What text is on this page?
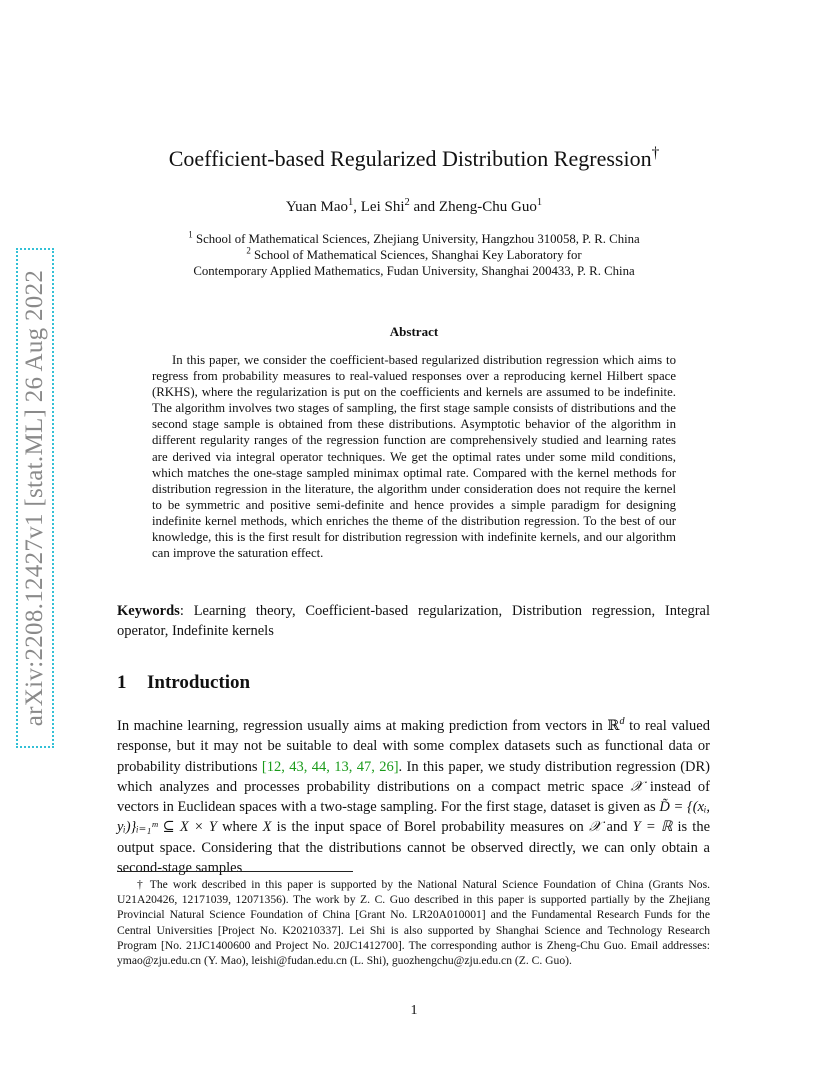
arXiv:2208.12427v1 [stat.ML] 26 Aug 2022
Coefficient-based Regularized Distribution Regression†
Yuan Mao$^1$, Lei Shi$^2$ and Zheng-Chu Guo$^1$
$^1$ School of Mathematical Sciences, Zhejiang University, Hangzhou 310058, P. R. China
$^2$ School of Mathematical Sciences, Shanghai Key Laboratory for
Contemporary Applied Mathematics, Fudan University, Shanghai 200433, P. R. China
Abstract

In this paper, we consider the coefficient-based regularized distribution regression which aims to regress from probability measures to real-valued responses over a reproducing kernel Hilbert space (RKHS), where the regularization is put on the coefficients and kernels are assumed to be indefinite. The algorithm involves two stages of sampling, the first stage sample consists of distributions and the second stage sample is obtained from these distributions. Asymptotic behavior of the algorithm in different regularity ranges of the regression function are comprehensively studied and learning rates are derived via integral operator techniques. We get the optimal rates under some mild conditions, which matches the one-stage sampled minimax optimal rate. Compared with the kernel methods for distribution regression in the literature, the algorithm under consideration does not require the kernel to be symmetric and positive semi-definite and hence provides a simple paradigm for designing indefinite kernel methods, which enriches the theme of the distribution regression. To the best of our knowledge, this is the first result for distribution regression with indefinite kernels, and our algorithm can improve the saturation effect.

Keywords: Learning theory, Coefficient-based regularization, Distribution regression, Integral operator, Indefinite kernels
1 Introduction

In machine learning, regression usually aims at making prediction from vectors in ℝ$^d$ to real valued response, but it may not be suitable to deal with some complex datasets such as functional data or probability distributions [12, 43, 44, 13, 47, 26]. In this paper, we study distribution regression (DR) which analyzes and processes probability distributions on a compact metric space 𝒳 instead of vectors in Euclidean spaces with a two-stage sampling. For the first stage, dataset is given as D̃ = {(xᵢ, yᵢ)}ᵢ₌₁ᵐ ⊆ X × Y where X is the input space of Borel probability measures on 𝒳 and Y = ℝ is the output space. Considering that the distributions cannot be observed directly, we can only obtain a second-stage samples

† The work described in this paper is supported by the National Natural Science Foundation of China (Grants Nos. U21A20426, 12171039, 12071356). The work by Z. C. Guo described in this paper is supported partially by the Zhejiang Provincial Natural Science Foundation of China [Grant No. LR20A010001] and the Fundamental Research Funds for the Central Universities [Project No. K20210337]. Lei Shi is also supported by Shanghai Science and Technology Research Program [No. 21JC1400600 and Project No. 20JC1412700]. The corresponding author is Zheng-Chu Guo. Email addresses: ymao@zju.edu.cn (Y. Mao), leishi@fudan.edu.cn (L. Shi), guozhengchu@zju.edu.cn (Z. C. Guo).

1
